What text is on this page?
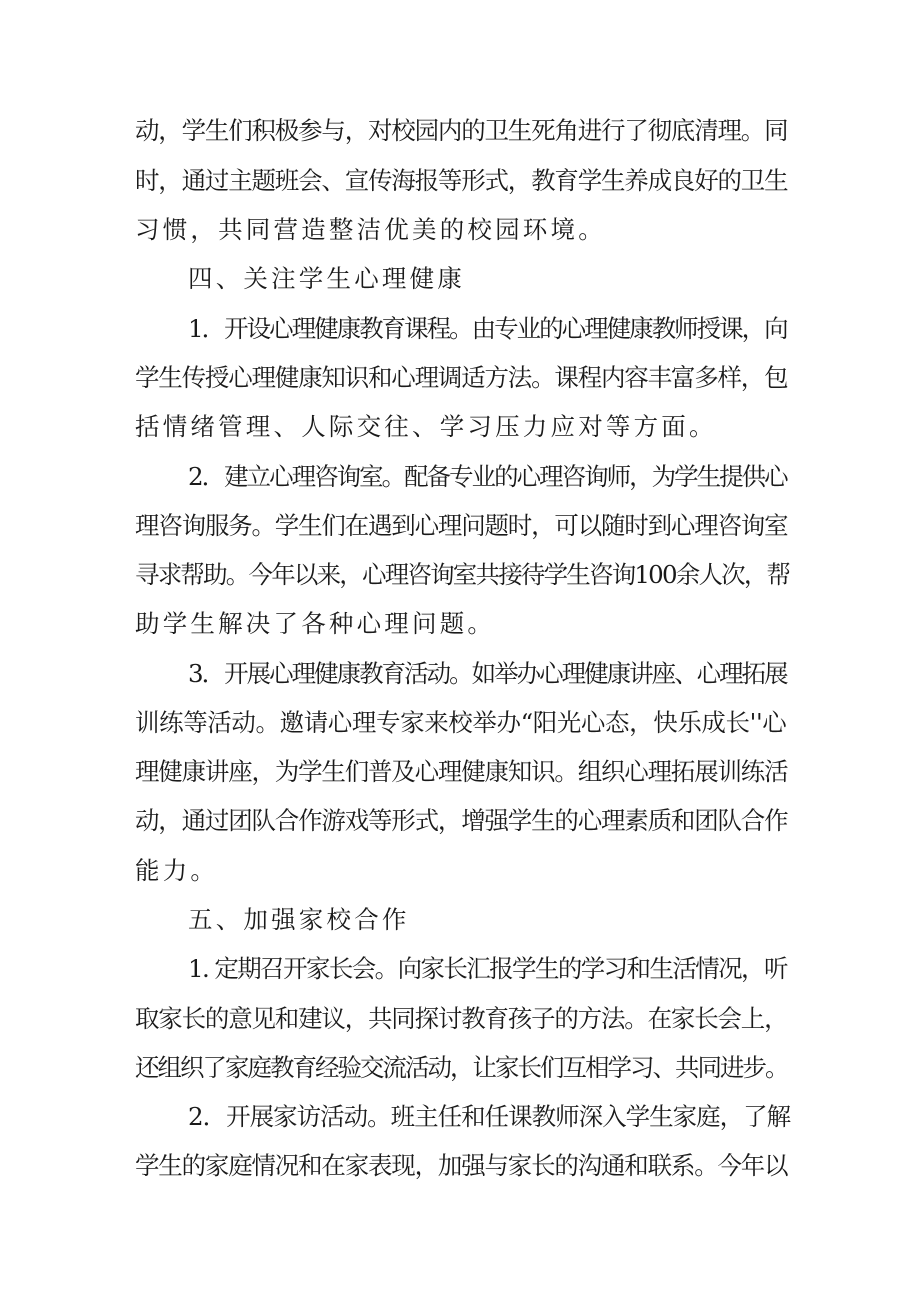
动，学生们积极参与，对校园内的卫生死角进行了彻底清理。同
时，通过主题班会、宣传海报等形式，教育学生养成良好的卫生
习惯，共同营造整洁优美的校园环境。
四、关注学生心理健康
1．开设心理健康教育课程。由专业的心理健康教师授课，向
学生传授心理健康知识和心理调适方法。课程内容丰富多样，包
括情绪管理、人际交往、学习压力应对等方面。
2．建立心理咨询室。配备专业的心理咨询师，为学生提供心
理咨询服务。学生们在遇到心理问题时，可以随时到心理咨询室
寻求帮助。今年以来，心理咨询室共接待学生咨询100余人次，帮
助学生解决了各种心理问题。
3．开展心理健康教育活动。如举办心理健康讲座、心理拓展
训练等活动。邀请心理专家来校举办“阳光心态，快乐成长''心
理健康讲座，为学生们普及心理健康知识。组织心理拓展训练活
动，通过团队合作游戏等形式，增强学生的心理素质和团队合作
能力。
五、加强家校合作
1. 定期召开家长会。向家长汇报学生的学习和生活情况，听
取家长的意见和建议，共同探讨教育孩子的方法。在家长会上，
还组织了家庭教育经验交流活动，让家长们互相学习、共同进步。
2．开展家访活动。班主任和任课教师深入学生家庭，了解
学生的家庭情况和在家表现，加强与家长的沟通和联系。今年以
